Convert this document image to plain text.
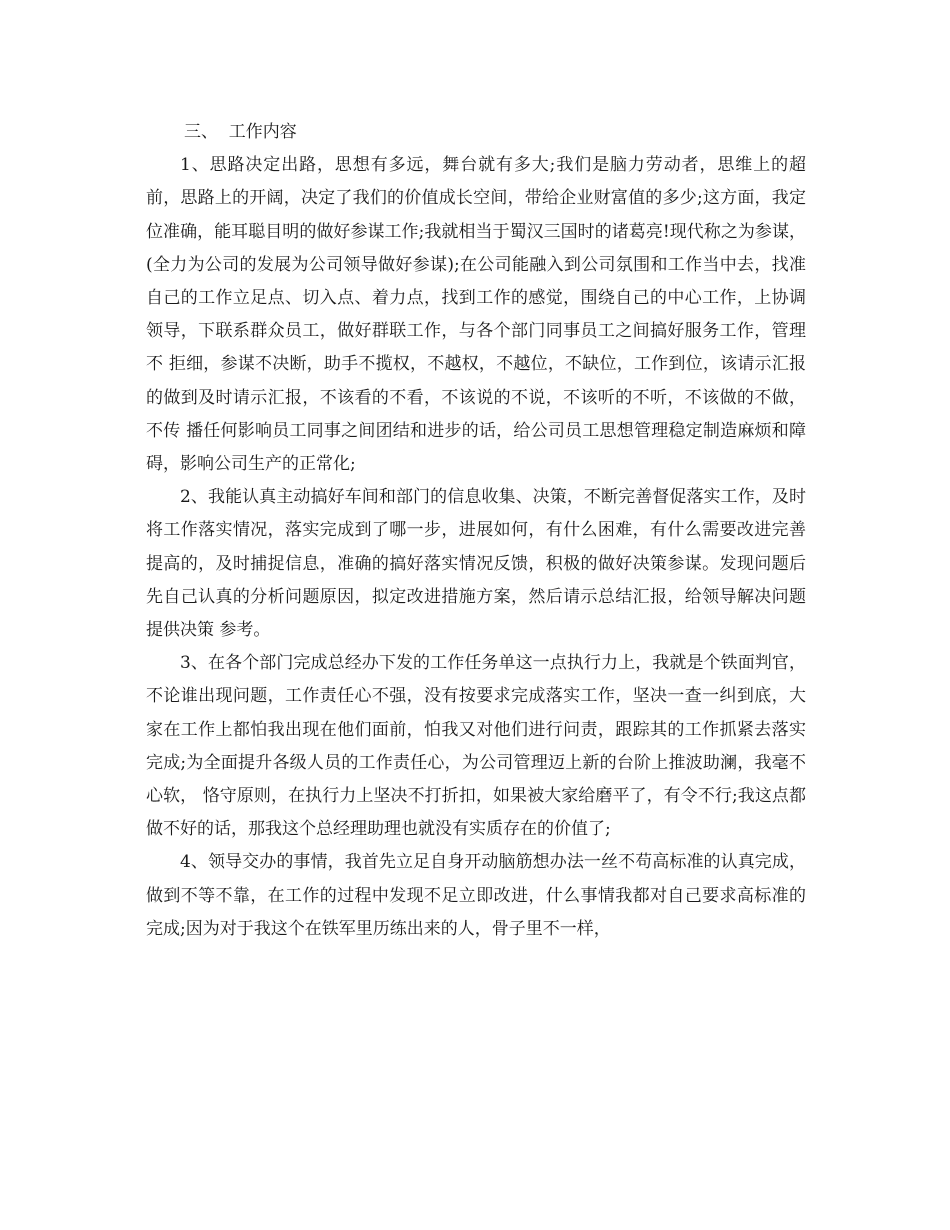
三、  工作内容

1、思路决定出路，思想有多远，舞台就有多大;我们是脑力劳动者，思维上的超前，思路上的开阔，决定了我们的价值成长空间，带给企业财富值的多少;这方面，我定位准确，能耳聪目明的做好参谋工作;我就相当于蜀汉三国时的诸葛亮!现代称之为参谋，(全力为公司的发展为公司领导做好参谋);在公司能融入到公司氛围和工作当中去，找准 自己的工作立足点、切入点、着力点，找到工作的感觉，围绕自己的中心工作，上协调领导，下联系群众员工，做好群联工作，与各个部门同事员工之间搞好服务工作，管理不 拒细，参谋不决断，助手不揽权，不越权，不越位，不缺位，工作到位，该请示汇报的做到及时请示汇报，不该看的不看，不该说的不说，不该听的不听，不该做的不做，不传 播任何影响员工同事之间团结和进步的话，给公司员工思想管理稳定制造麻烦和障碍，影响公司生产的正常化;

2、我能认真主动搞好车间和部门的信息收集、决策，不断完善督促落实工作，及时将工作落实情况，落实完成到了哪一步，进展如何，有什么困难，有什么需要改进完善提高的，及时捕捉信息，准确的搞好落实情况反馈，积极的做好决策参谋。发现问题后先自己认真的分析问题原因，拟定改进措施方案，然后请示总结汇报，给领导解决问题提供决策 参考。

3、在各个部门完成总经办下发的工作任务单这一点执行力上，我就是个铁面判官，不论谁出现问题，工作责任心不强，没有按要求完成落实工作，坚决一查一纠到底，大家在工作上都怕我出现在他们面前，怕我又对他们进行问责，跟踪其的工作抓紧去落实完成;为全面提升各级人员的工作责任心，为公司管理迈上新的台阶上推波助澜，我毫不心软， 恪守原则，在执行力上坚决不打折扣，如果被大家给磨平了，有令不行;我这点都做不好的话，那我这个总经理助理也就没有实质存在的价值了;

4、领导交办的事情，我首先立足自身开动脑筋想办法一丝不苟高标准的认真完成，做到不等不靠，在工作的过程中发现不足立即改进，什么事情我都对自己要求高标准的完成;因为对于我这个在铁军里历练出来的人，骨子里不一样，
